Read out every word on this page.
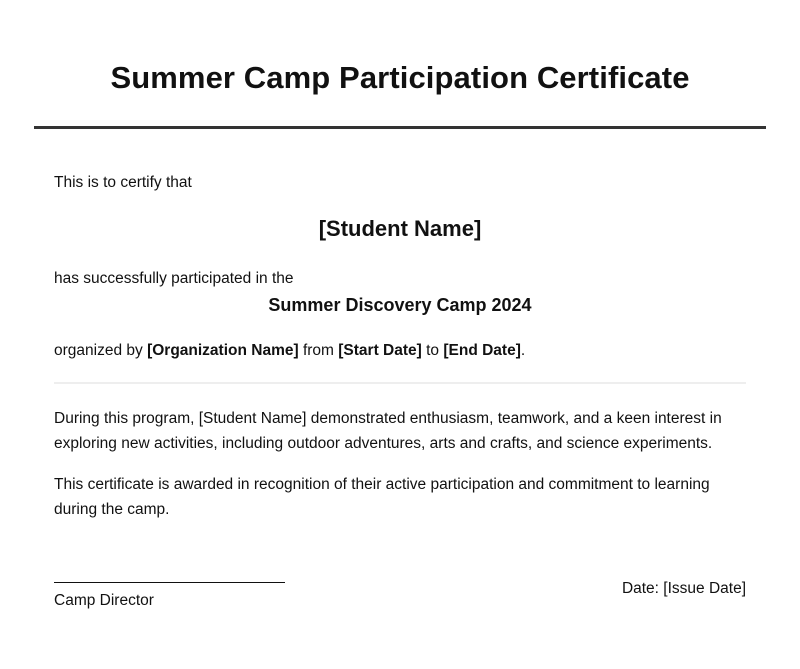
Summer Camp Participation Certificate
This is to certify that
[Student Name]
has successfully participated in the
Summer Discovery Camp 2024
organized by [Organization Name] from [Start Date] to [End Date].

During this program, [Student Name] demonstrated enthusiasm, teamwork, and a keen interest in exploring new activities, including outdoor adventures, arts and crafts, and science experiments.

This certificate is awarded in recognition of their active participation and commitment to learning during the camp.

Camp Director
Date: [Issue Date]
